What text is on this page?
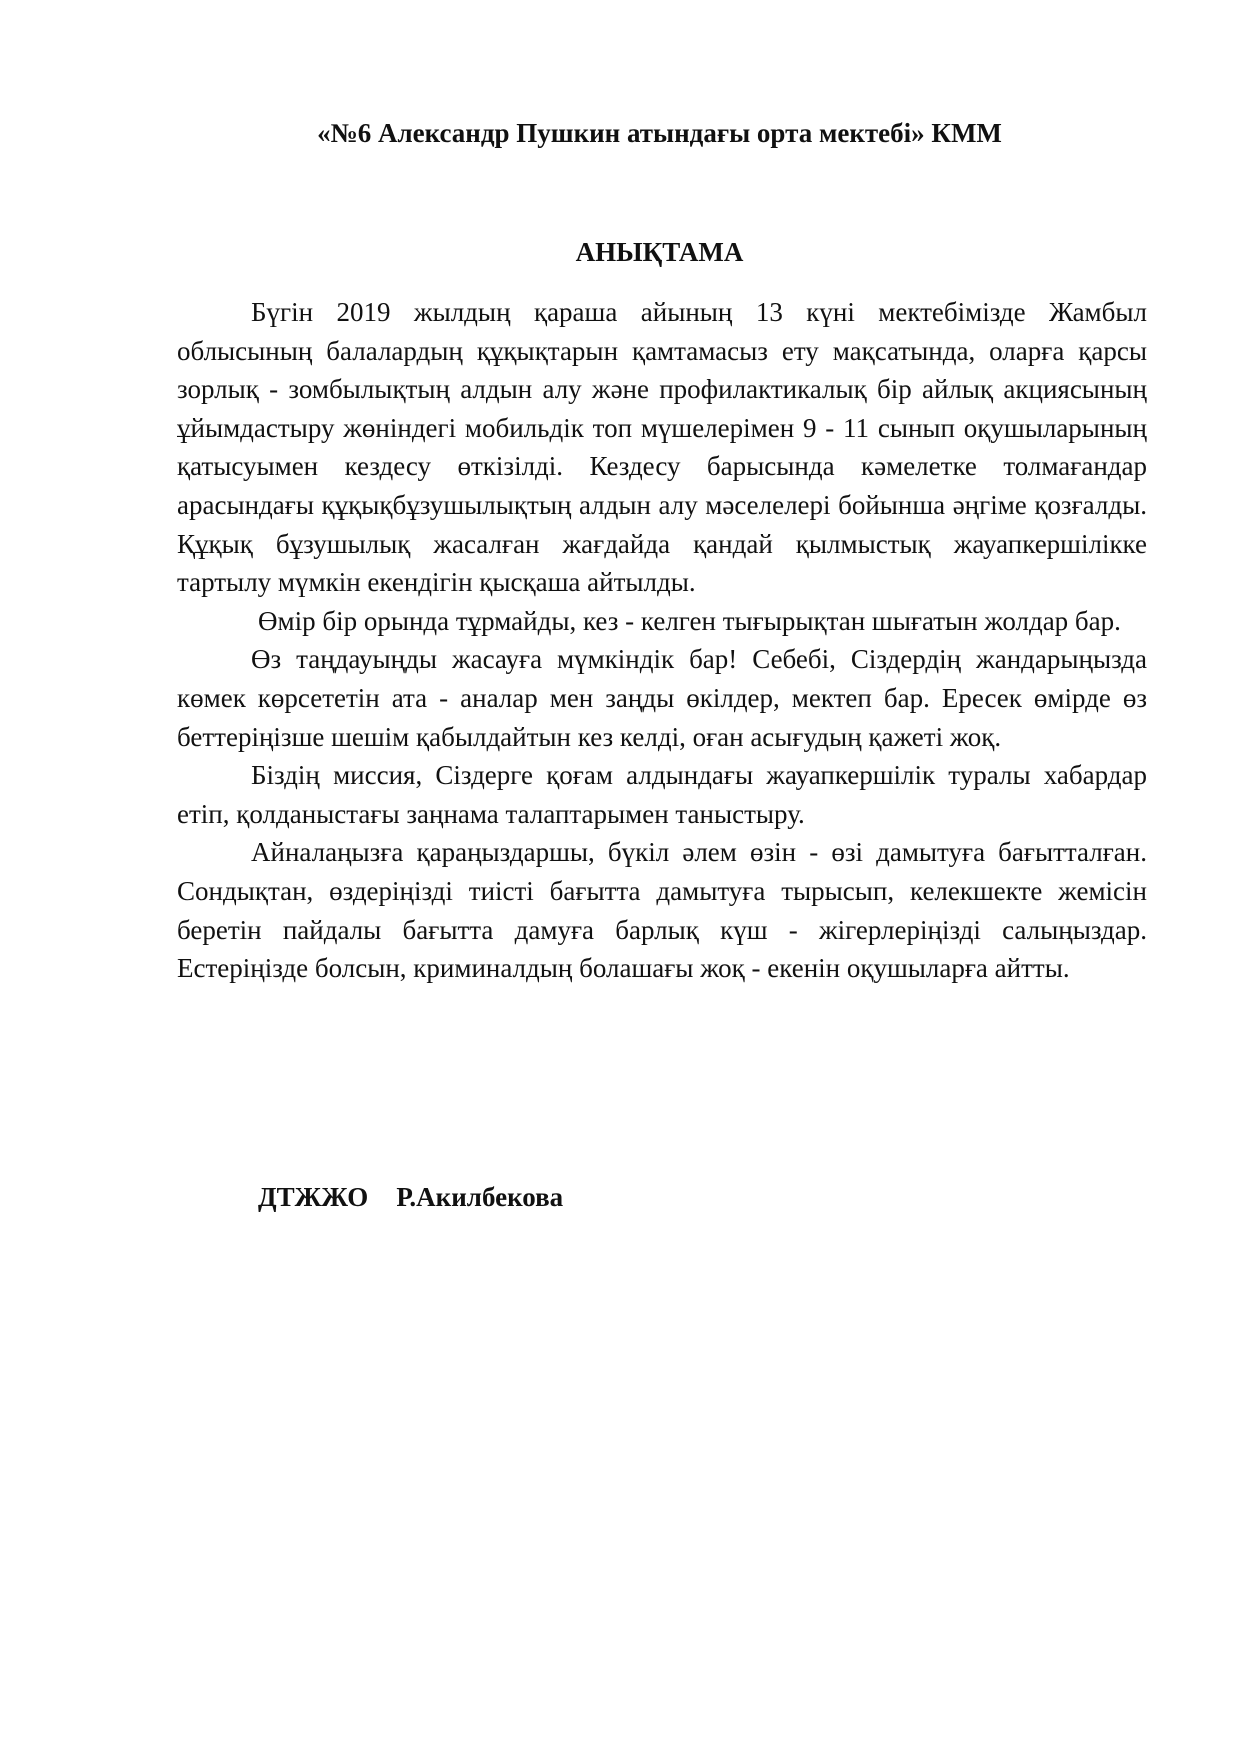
«№6 Александр Пушкин атындағы орта мектебі» КММ
АНЫҚТАМА

Бүгін 2019 жылдың қараша айының 13 күні мектебімізде Жамбыл облысының балалардың құқықтарын қамтамасыз ету мақсатында, оларға қарсы зорлық - зомбылықтың алдын алу және профилактикалық бір айлық акциясының ұйымдастыру жөніндегі мобильдік топ мүшелерімен 9 - 11 сынып оқушыларының қатысуымен кездесу өткізілді. Кездесу барысында кәмелетке толмағандар арасындағы құқықбұзушылықтың алдын алу мәселелері бойынша әңгіме қозғалды. Құқық бұзушылық жасалған жағдайда қандай қылмыстық жауапкершілікке тартылу мүмкін екендігін қысқаша айтылды.

Өмір бір орында тұрмайды, кез - келген тығырықтан шығатын жолдар бар.

Өз таңдауыңды жасауға мүмкіндік бар! Себебі, Сіздердің жандарыңызда көмек көрсететін ата - аналар мен заңды өкілдер, мектеп бар. Ересек өмірде өз беттеріңізше шешім қабылдайтын кез келді, оған асығудың қажеті жоқ.

Біздің миссия, Сіздерге қоғам алдындағы жауапкершілік туралы хабардар етіп, қолданыстағы заңнама талаптарымен таныстыру.

Айналаңызға қараңыздаршы, бүкіл әлем өзін - өзі дамытуға бағытталған. Сондықтан, өздеріңізді тиісті бағытта дамытуға тырысып, келекшекте жемісін беретін пайдалы бағытта дамуға барлық күш - жігерлеріңізді салыңыздар. Естеріңізде болсын, криминалдың болашағы жоқ - екенін оқушыларға айтты.

ДТЖЖО Р.Акилбекова
